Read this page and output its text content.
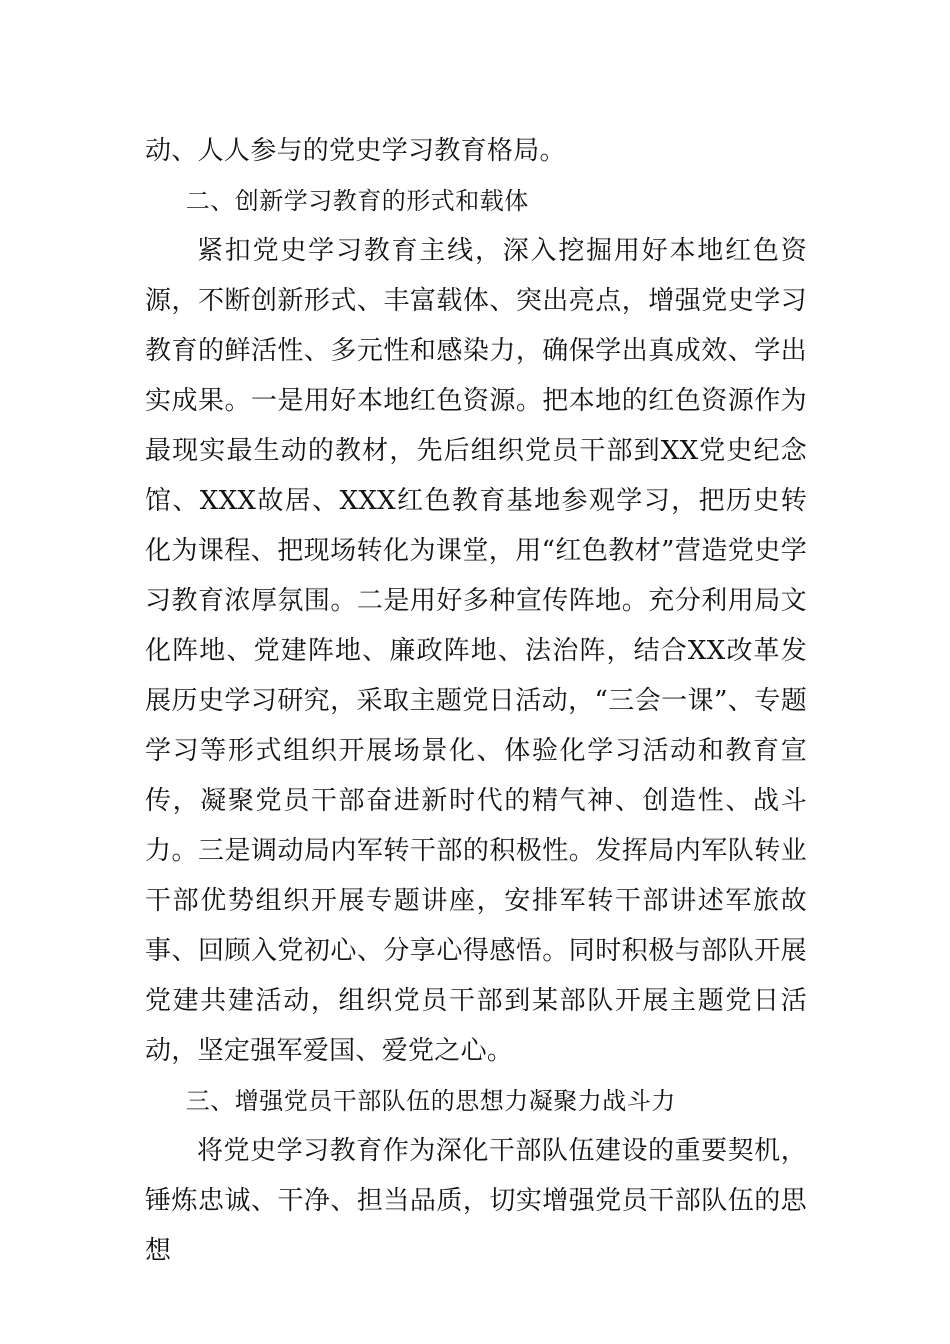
动、人人参与的党史学习教育格局。

二、创新学习教育的形式和载体

紧扣党史学习教育主线，深入挖掘用好本地红色资源，不断创新形式、丰富载体、突出亮点，增强党史学习教育的鲜活性、多元性和感染力，确保学出真成效、学出实成果。一是用好本地红色资源。把本地的红色资源作为最现实最生动的教材，先后组织党员干部到XX党史纪念馆、XXX故居、XXX红色教育基地参观学习，把历史转化为课程、把现场转化为课堂，用“红色教材”营造党史学习教育浓厚氛围。二是用好多种宣传阵地。充分利用局文化阵地、党建阵地、廉政阵地、法治阵，结合XX改革发展历史学习研究，采取主题党日活动，“三会一课”、专题学习等形式组织开展场景化、体验化学习活动和教育宣传，凝聚党员干部奋进新时代的精气神、创造性、战斗力。三是调动局内军转干部的积极性。发挥局内军队转业干部优势组织开展专题讲座，安排军转干部讲述军旅故事、回顾入党初心、分享心得感悟。同时积极与部队开展党建共建活动，组织党员干部到某部队开展主题党日活动，坚定强军爱国、爱党之心。

三、增强党员干部队伍的思想力凝聚力战斗力

将党史学习教育作为深化干部队伍建设的重要契机，锤炼忠诚、干净、担当品质，切实增强党员干部队伍的思想
